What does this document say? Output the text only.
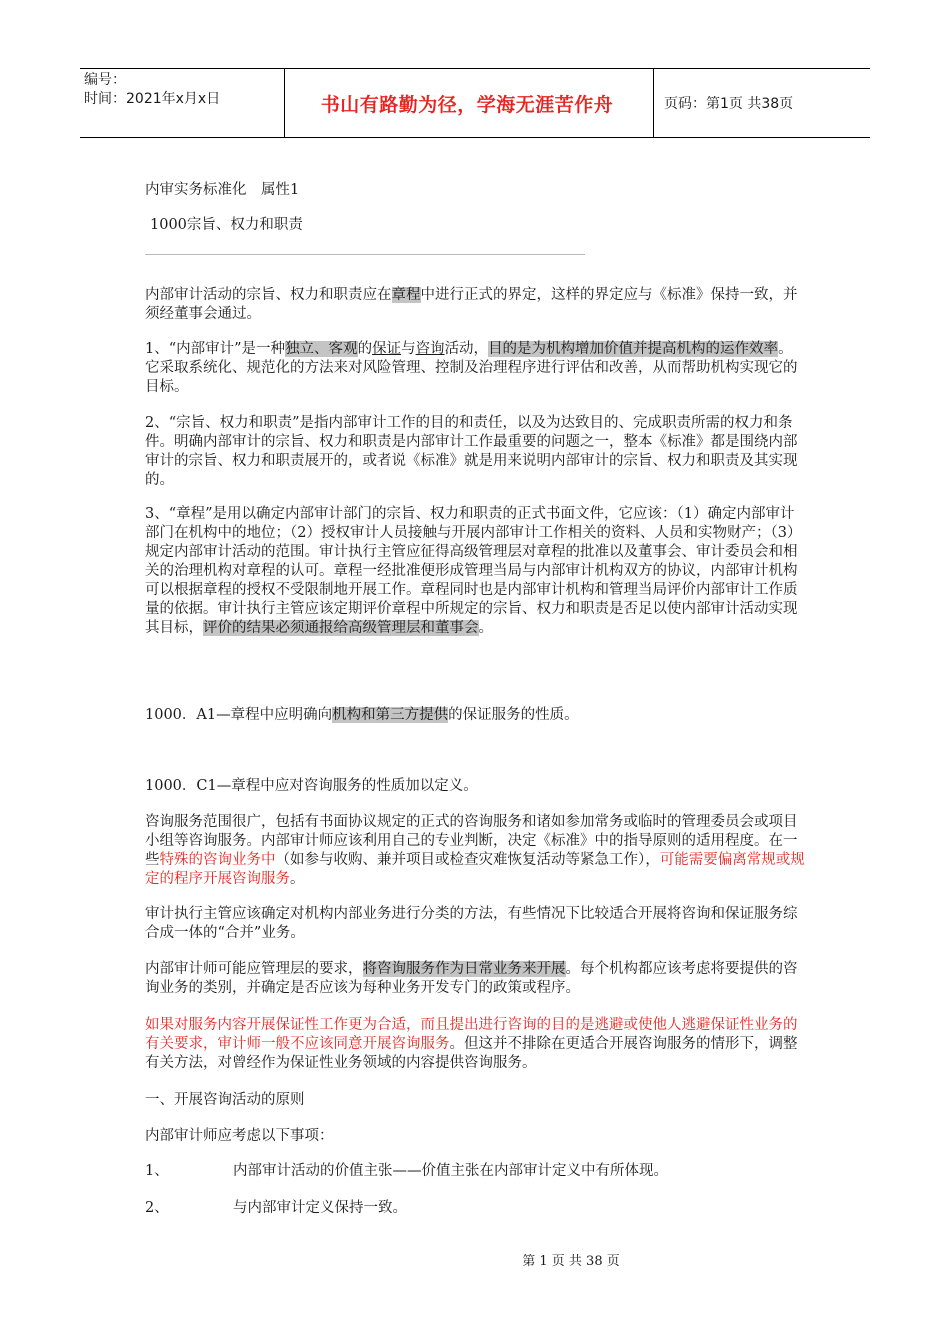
编号：
时间：2021年x月x日	书山有路勤为径，学海无涯苦作舟	页码：第1页 共38页
内审实务标准化　属性1
1000宗旨、权力和职责
________________________________________________________________________________________

内部审计活动的宗旨、权力和职责应在章程中进行正式的界定，这样的界定应与《标准》保持一致，并须经董事会通过。

1、“内部审计”是一种独立、客观的保证与咨询活动，目的是为机构增加价值并提高机构的运作效率。它采取系统化、规范化的方法来对风险管理、控制及治理程序进行评估和改善，从而帮助机构实现它的目标。

2、“宗旨、权力和职责”是指内部审计工作的目的和责任，以及为达致目的、完成职责所需的权力和条件。明确内部审计的宗旨、权力和职责是内部审计工作最重要的问题之一，整本《标准》都是围绕内部审计的宗旨、权力和职责展开的，或者说《标准》就是用来说明内部审计的宗旨、权力和职责及其实现的。

3、“章程”是用以确定内部审计部门的宗旨、权力和职责的正式书面文件，它应该：（1）确定内部审计部门在机构中的地位；（2）授权审计人员接触与开展内部审计工作相关的资料、人员和实物财产；（3）规定内部审计活动的范围。审计执行主管应征得高级管理层对章程的批准以及董事会、审计委员会和相关的治理机构对章程的认可。章程一经批准便形成管理当局与内部审计机构双方的协议，内部审计机构可以根据章程的授权不受限制地开展工作。章程同时也是内部审计机构和管理当局评价内部审计工作质量的依据。审计执行主管应该定期评价章程中所规定的宗旨、权力和职责是否足以使内部审计活动实现其目标，评价的结果必须通报给高级管理层和董事会。

1000．A1—章程中应明确向机构和第三方提供的保证服务的性质。

1000．C1—章程中应对咨询服务的性质加以定义。

咨询服务范围很广，包括有书面协议规定的正式的咨询服务和诸如参加常务或临时的管理委员会或项目小组等咨询服务。内部审计师应该利用自己的专业判断，决定《标准》中的指导原则的适用程度。在一些特殊的咨询业务中（如参与收购、兼并项目或检查灾难恢复活动等紧急工作），可能需要偏离常规或规定的程序开展咨询服务。

审计执行主管应该确定对机构内部业务进行分类的方法，有些情况下比较适合开展将咨询和保证服务综合成一体的“合并”业务。

内部审计师可能应管理层的要求，将咨询服务作为日常业务来开展。每个机构都应该考虑将要提供的咨询业务的类别，并确定是否应该为每种业务开发专门的政策或程序。

如果对服务内容开展保证性工作更为合适，而且提出进行咨询的目的是逃避或使他人逃避保证性业务的有关要求，审计师一般不应该同意开展咨询服务。但这并不排除在更适合开展咨询服务的情形下，调整有关方法，对曾经作为保证性业务领域的内容提供咨询服务。

一、开展咨询活动的原则
内部审计师应考虑以下事项：
1、	内部审计活动的价值主张——价值主张在内部审计定义中有所体现。
2、	与内部审计定义保持一致。
第 1 页 共 38 页
